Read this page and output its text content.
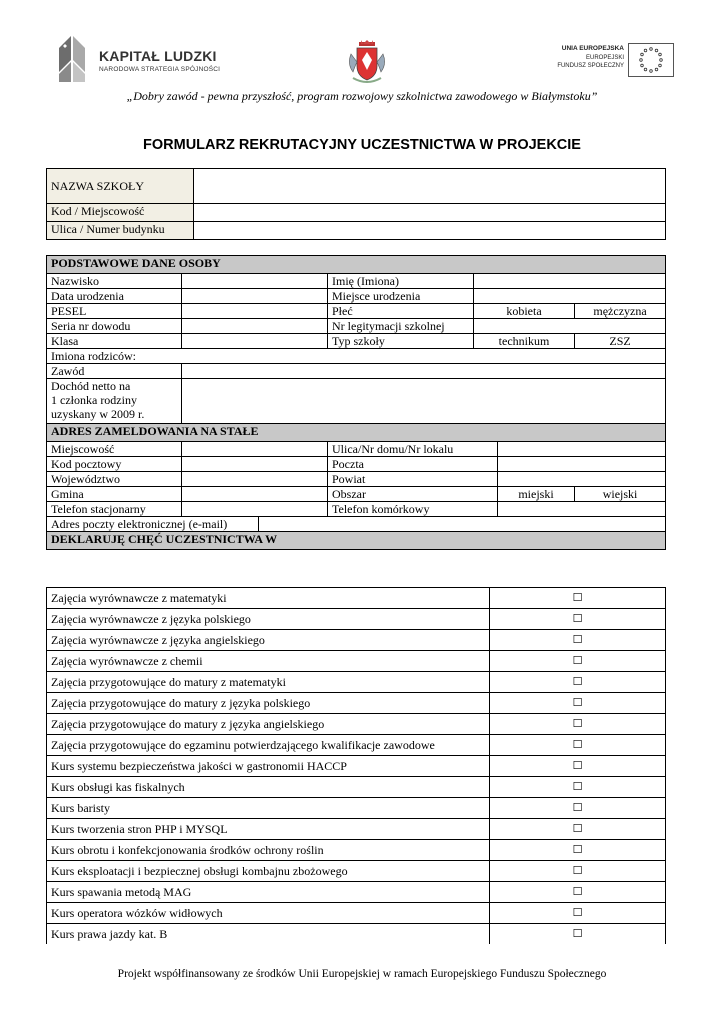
KAPITAŁ LUDZKI
NARODOWA STRATEGIA SPÓJNOŚCI
UNIA EUROPEJSKA
EUROPEJSKI
FUNDUSZ SPOŁECZNY
„Dobry zawód - pewna przyszłość, program rozwojowy szkolnictwa zawodowego w Białymstoku”
FORMULARZ REKRUTACYJNY UCZESTNICTWA W PROJEKCIE
NAZWA SZKOŁY	
Kod / Miejscowość	
Ulica / Numer budynku	
PODSTAWOWE DANE OSOBY						
Nazwisko			Imię (Imiona)			
Data urodzenia			Miejsce urodzenia			
PESEL			Płeć	kobieta		mężczyzna
Seria nr dowodu			Nr legitymacji szkolnej			
Klasa			Typ szkoły	technikum		ZSZ
Imiona rodziców:						
Zawód						

Dochód netto na
1 członka rodziny
uzyskany w 2009 r.						

ADRES ZAMELDOWANIA NA STAŁE						
Miejscowość			Ulica/Nr domu/Nr lokalu			
Kod pocztowy			Poczta			
Województwo			Powiat			
Gmina			Obszar		miejski	wiejski
Telefon stacjonarny			Telefon komórkowy			
Adres poczty elektronicznej (e-mail)						
DEKLARUJĘ CHĘĆ UCZESTNICTWA W						
Zajęcia wyrównawcze z matematyki	☐
Zajęcia wyrównawcze z języka polskiego	☐
Zajęcia wyrównawcze z języka angielskiego	☐
Zajęcia wyrównawcze z chemii	☐
Zajęcia przygotowujące do matury z matematyki	☐
Zajęcia przygotowujące do matury z języka polskiego	☐
Zajęcia przygotowujące do matury z języka angielskiego	☐
Zajęcia przygotowujące do egzaminu potwierdzającego kwalifikacje zawodowe	☐
Kurs systemu bezpieczeństwa jakości w gastronomii HACCP	☐
Kurs obsługi kas fiskalnych	☐
Kurs baristy	☐
Kurs tworzenia stron PHP i MYSQL	☐
Kurs obrotu i konfekcjonowania środków ochrony roślin	☐
Kurs eksploatacji i bezpiecznej obsługi kombajnu zbożowego	☐
Kurs spawania metodą MAG	☐
Kurs operatora wózków widłowych	☐
Kurs prawa jazdy kat. B	☐
Projekt współfinansowany ze środków Unii Europejskiej w ramach Europejskiego Funduszu Społecznego
